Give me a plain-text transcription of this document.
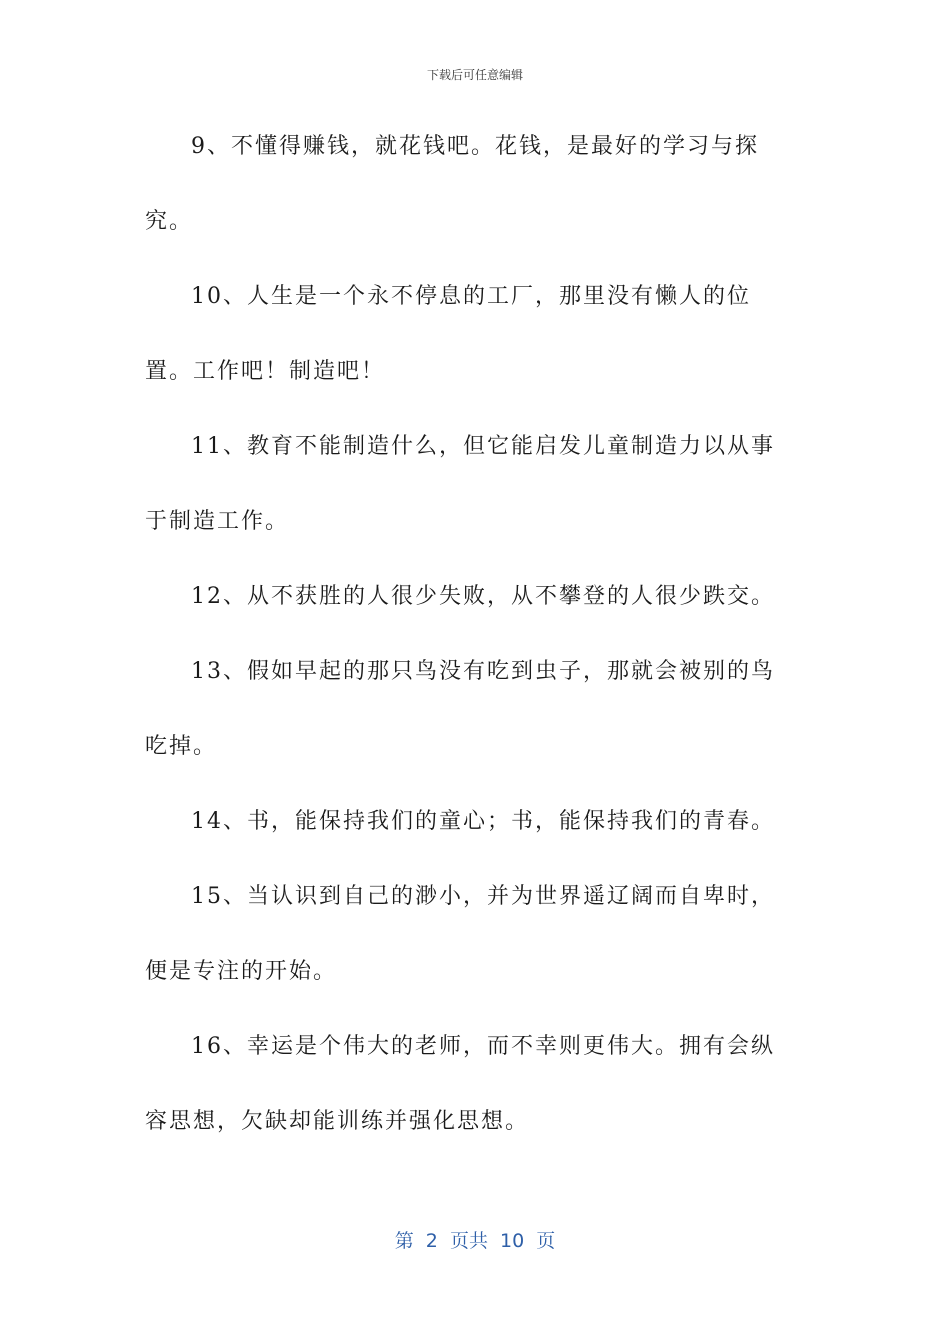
下载后可任意编辑

9、不懂得赚钱，就花钱吧。花钱，是最好的学习与探究。

10、人生是一个永不停息的工厂，那里没有懒人的位置。工作吧！制造吧！

11、教育不能制造什么，但它能启发儿童制造力以从事于制造工作。

12、从不获胜的人很少失败，从不攀登的人很少跌交。

13、假如早起的那只鸟没有吃到虫子，那就会被别的鸟吃掉。

14、书，能保持我们的童心；书，能保持我们的青春。

15、当认识到自己的渺小，并为世界遥辽阔而自卑时，便是专注的开始。

16、幸运是个伟大的老师，而不幸则更伟大。拥有会纵容思想，欠缺却能训练并强化思想。

第 2 页共 10 页
